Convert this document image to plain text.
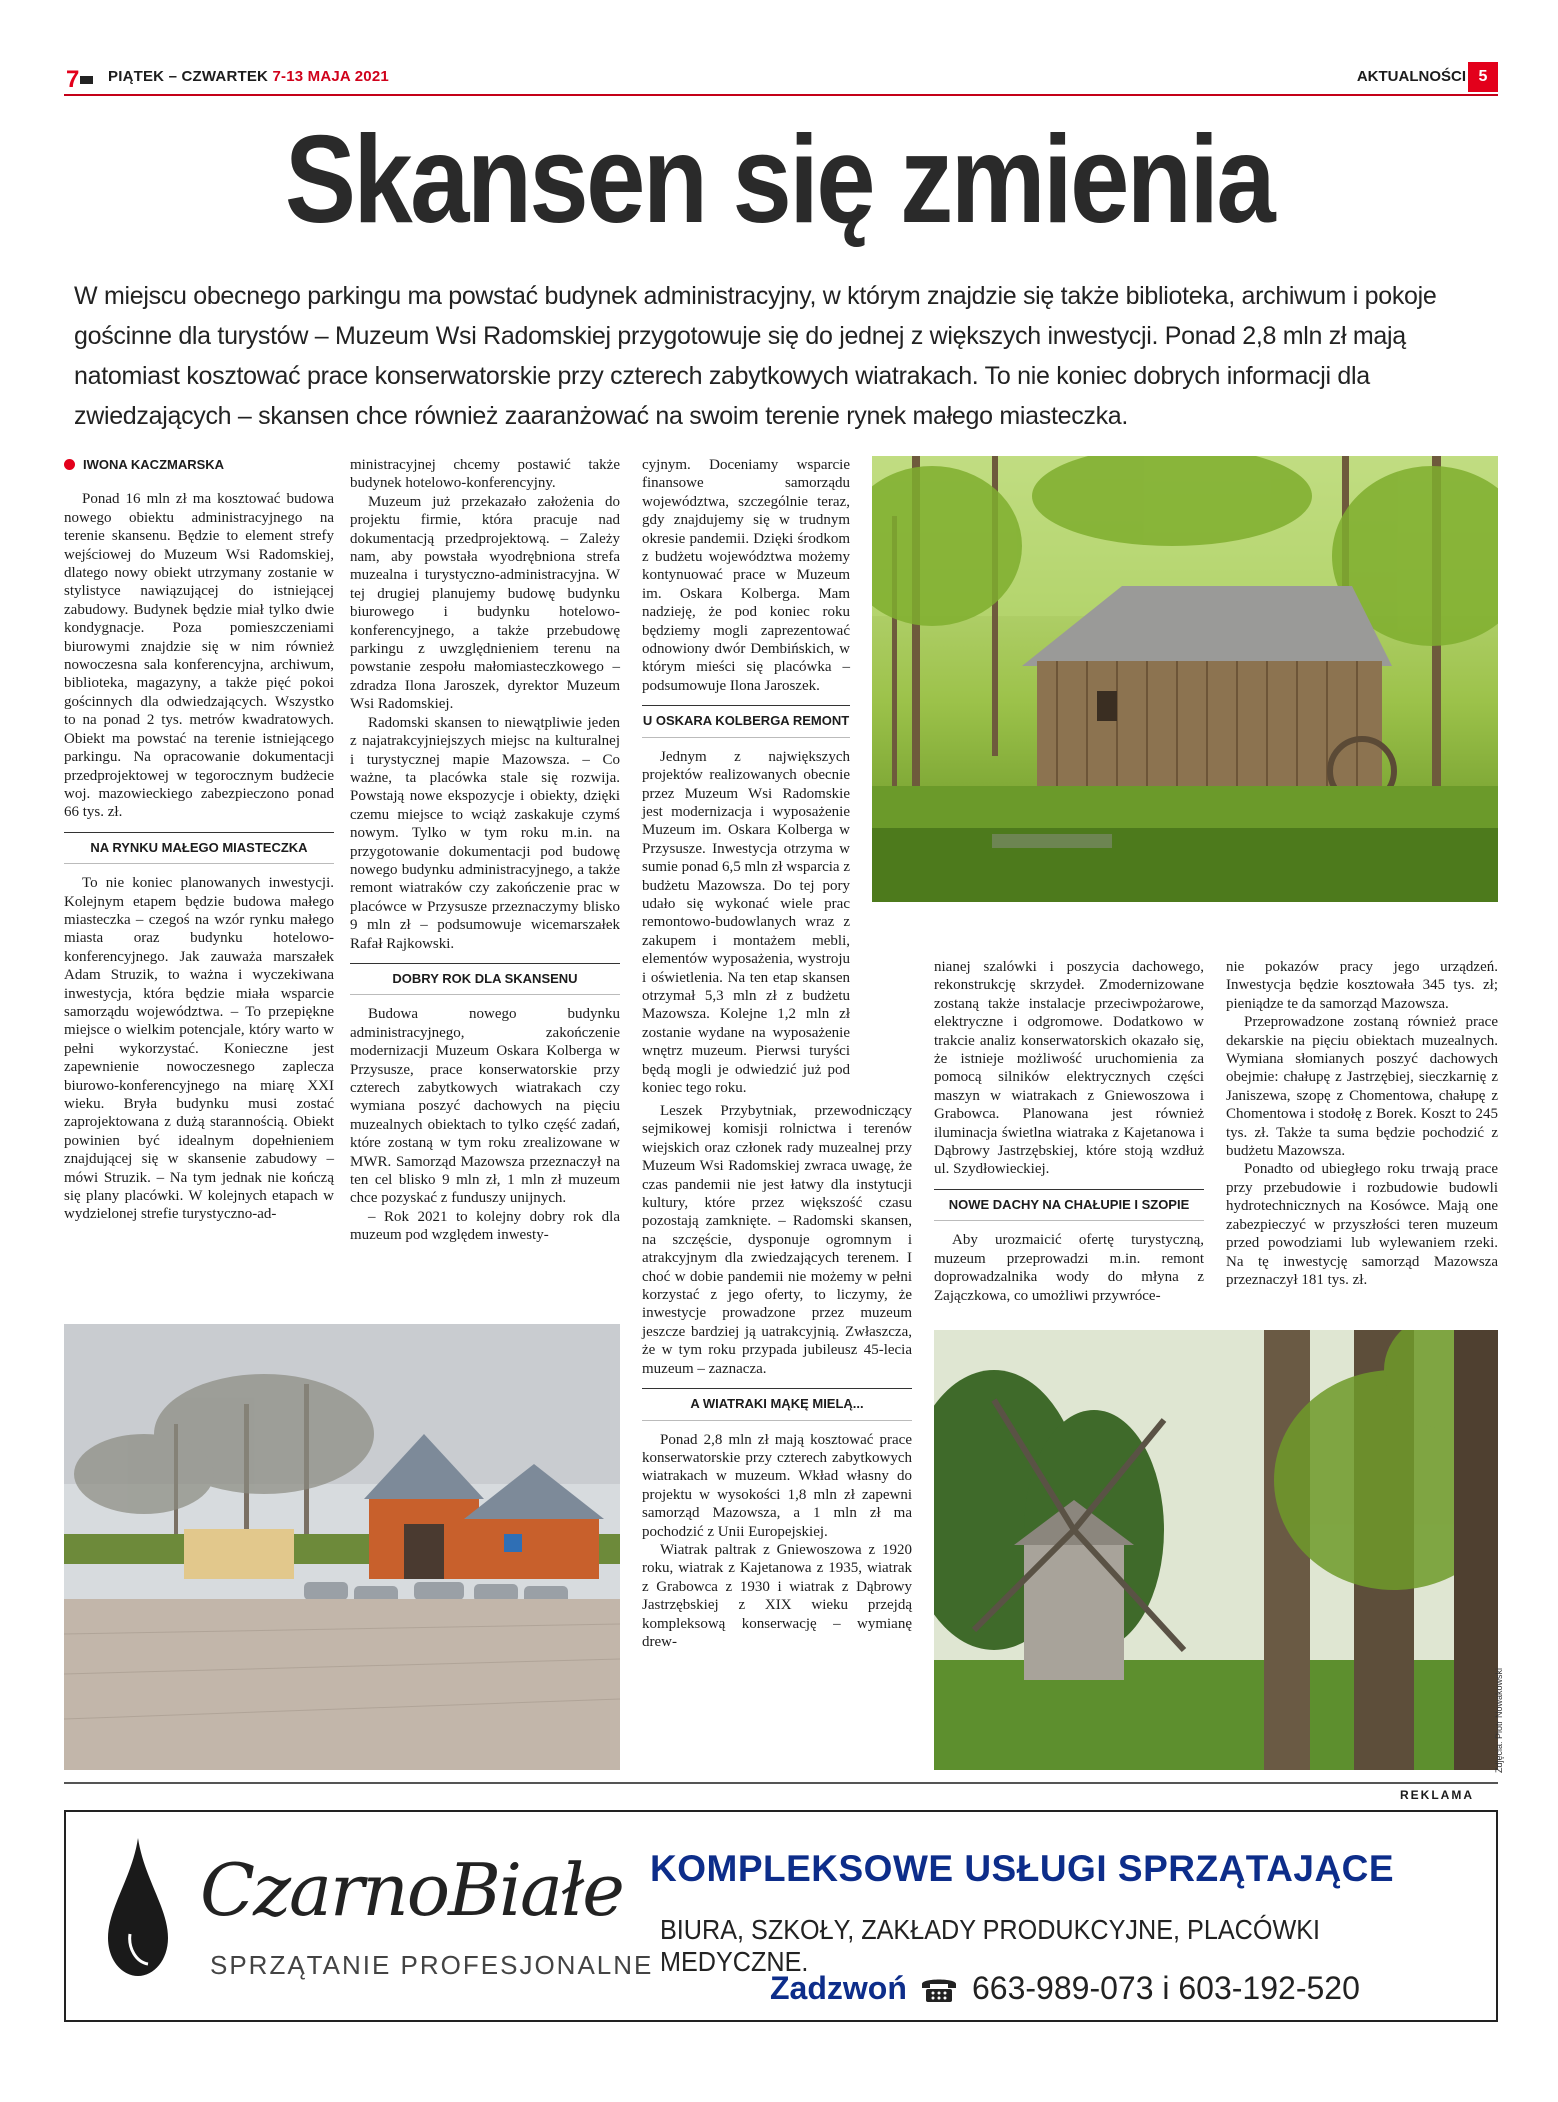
7 PIĄTEK – CZWARTEK 7-13 MAJA 2021	AKTUALNOŚCI 5
Skansen się zmienia
W miejscu obecnego parkingu ma powstać budynek administracyjny, w którym znajdzie się także biblioteka, archiwum i pokoje gościnne dla turystów – Muzeum Wsi Radomskiej przygotowuje się do jednej z większych inwestycji. Ponad 2,8 mln zł mają natomiast kosztować prace konserwatorskie przy czterech zabytkowych wiatrakach. To nie koniec dobrych informacji dla zwiedzających – skansen chce również zaaranżować na swoim terenie rynek małego miasteczka.
IWONA KACZMARSKA

Ponad 16 mln zł ma kosztować budowa nowego obiektu administracyjnego na terenie skansenu. Będzie to element strefy wejściowej do Muzeum Wsi Radomskiej, dlatego nowy obiekt utrzymany zostanie w stylistyce nawiązującej do istniejącej zabudowy. Budynek będzie miał tylko dwie kondygnacje. Poza pomieszczeniami biurowymi znajdzie się w nim również nowoczesna sala konferencyjna, archiwum, biblioteka, magazyny, a także pięć pokoi gościnnych dla odwiedzających. Wszystko to na ponad 2 tys. metrów kwadratowych. Obiekt ma powstać na terenie istniejącego parkingu. Na opracowanie dokumentacji przedprojektowej w tegorocznym budżecie woj. mazowieckiego zabezpieczono ponad 66 tys. zł.

NA RYNKU MAŁEGO MIASTECZKA

To nie koniec planowanych inwestycji. Kolejnym etapem będzie budowa małego miasteczka – czegoś na wzór rynku małego miasta oraz budynku hotelowo-konferencyjnego. Jak zauważa marszałek Adam Struzik, to ważna i wyczekiwana inwestycja, która będzie miała wsparcie samorządu województwa. – To przepiękne miejsce o wielkim potencjale, który warto w pełni wykorzystać. Konieczne jest zapewnienie nowoczesnego zaplecza biurowo-konferencyjnego na miarę XXI wieku. Bryła budynku musi zostać zaprojektowana z dużą starannością. Obiekt powinien być idealnym dopełnieniem znajdującej się w skansenie zabudowy – mówi Struzik. – Na tym jednak nie kończą się plany placówki. W kolejnych etapach w wydzielonej strefie turystyczno-ad-

ministracyjnej chcemy postawić także budynek hotelowo-konferencyjny.

Muzeum już przekazało założenia do projektu firmie, która pracuje nad dokumentacją przedprojektową. – Zależy nam, aby powstała wyodrębniona strefa muzealna i turystyczno-administracyjna. W tej drugiej planujemy budowę budynku biurowego i budynku hotelowo-konferencyjnego, a także przebudowę parkingu z uwzględnieniem terenu na powstanie zespołu małomiasteczkowego – zdradza Ilona Jaroszek, dyrektor Muzeum Wsi Radomskiej.

Radomski skansen to niewątpliwie jeden z najatrakcyjniejszych miejsc na kulturalnej i turystycznej mapie Mazowsza. – Co ważne, ta placówka stale się rozwija. Powstają nowe ekspozycje i obiekty, dzięki czemu miejsce to wciąż zaskakuje czymś nowym. Tylko w tym roku m.in. na przygotowanie dokumentacji pod budowę nowego budynku administracyjnego, a także remont wiatraków czy zakończenie prac w placówce w Przysusze przeznaczymy blisko 9 mln zł – podsumowuje wicemarszałek Rafał Rajkowski.

DOBRY ROK DLA SKANSENU

Budowa nowego budynku administracyjnego, zakończenie modernizacji Muzeum Oskara Kolberga w Przysusze, prace konserwatorskie przy czterech zabytkowych wiatrakach czy wymiana poszyć dachowych na pięciu muzealnych obiektach to tylko część zadań, które zostaną w tym roku zrealizowane w MWR. Samorząd Mazowsza przeznaczył na ten cel blisko 9 mln zł, 1 mln zł muzeum chce pozyskać z funduszy unijnych.

– Rok 2021 to kolejny dobry rok dla muzeum pod względem inwesty-

cyjnym. Doceniamy wsparcie finansowe samorządu województwa, szczególnie teraz, gdy znajdujemy się w trudnym okresie pandemii. Dzięki środkom z budżetu województwa możemy kontynuować prace w Muzeum im. Oskara Kolberga. Mam nadzieję, że pod koniec roku będziemy mogli zaprezentować odnowiony dwór Dembińskich, w którym mieści się placówka – podsumowuje Ilona Jaroszek.

U OSKARA KOLBERGA REMONT

Jednym z największych projektów realizowanych obecnie przez Muzeum Wsi Radomskie jest modernizacja i wyposażenie Muzeum im. Oskara Kolberga w Przysusze. Inwestycja otrzyma w sumie ponad 6,5 mln zł wsparcia z budżetu Mazowsza. Do tej pory udało się wykonać wiele prac remontowo-budowlanych wraz z zakupem i montażem mebli, elementów wyposażenia, wystroju i oświetlenia. Na ten etap skansen otrzymał 5,3 mln zł z budżetu Mazowsza. Kolejne 1,2 mln zł zostanie wydane na wyposażenie wnętrz muzeum. Pierwsi turyści będą mogli je odwiedzić już pod koniec tego roku.

Leszek Przybytniak, przewodniczący sejmikowej komisji rolnictwa i terenów wiejskich oraz członek rady muzealnej przy Muzeum Wsi Radomskiej zwraca uwagę, że czas pandemii nie jest łatwy dla instytucji kultury, które przez większość czasu pozostają zamknięte. – Radomski skansen, na szczęście, dysponuje ogromnym i atrakcyjnym dla zwiedzających terenem. I choć w dobie pandemii nie możemy w pełni korzystać z jego oferty, to liczymy, że inwestycje prowadzone przez muzeum jeszcze bardziej ją uatrakcyjnią. Zwłaszcza, że w tym roku przypada jubileusz 45-lecia muzeum – zaznacza.

A WIATRAKI MĄKĘ MIELĄ...

Ponad 2,8 mln zł mają kosztować prace konserwatorskie przy czterech zabytkowych wiatrakach w muzeum. Wkład własny do projektu w wysokości 1,8 mln zł zapewni samorząd Mazowsza, a 1 mln zł ma pochodzić z Unii Europejskiej.

Wiatrak paltrak z Gniewoszowa z 1920 roku, wiatrak z Kajetanowa z 1935, wiatrak z Grabowca z 1930 i wiatrak z Dąbrowy Jastrzębskiej z XIX wieku przejdą kompleksową konserwację – wymianę drew-

nianej szalówki i poszycia dachowego, rekonstrukcję skrzydeł. Zmodernizowane zostaną także instalacje przeciwpożarowe, elektryczne i odgromowe. Dodatkowo w trakcie analiz konserwatorskich okazało się, że istnieje możliwość uruchomienia za pomocą silników elektrycznych części maszyn w wiatrakach z Gniewoszowa i Grabowca. Planowana jest również iluminacja świetlna wiatraka z Kajetanowa i Dąbrowy Jastrzębskiej, które stoją wzdłuż ul. Szydłowieckiej.

NOWE DACHY NA CHAŁUPIE I SZOPIE

Aby urozmaicić ofertę turystyczną, muzeum przeprowadzi m.in. remont doprowadzalnika wody do młyna z Zajączkowa, co umożliwi przywróce-

nie pokazów pracy jego urządzeń. Inwestycja będzie kosztowała 345 tys. zł; pieniądze te da samorząd Mazowsza.

Przeprowadzone zostaną również prace dekarskie na pięciu obiektach muzealnych. Wymiana słomianych poszyć dachowych obejmie: chałupę z Jastrzębiej, sieczkarnię z Janiszewa, szopę z Chomentowa, chałupę z Chomentowa i stodołę z Borek. Koszt to 245 tys. zł. Także ta suma będzie pochodzić z budżetu Mazowsza.

Ponadto od ubiegłego roku trwają prace przy przebudowie i rozbudowie budowli hydrotechnicznych na Kosówce. Mają one zabezpieczyć w przyszłości teren muzeum przed powodziami lub wylewaniem rzeki. Na tę inwestycję samorząd Mazowsza przeznaczył 181 tys. zł.

Zdjęcia: Piotr Nowakowski
REKLAMA
CzarnoBiałe
SPRZĄTANIE PROFESJONALNE
KOMPLEKSOWE USŁUGI SPRZĄTAJĄCE
BIURA, SZKOŁY, ZAKŁADY PRODUKCYJNE, PLACÓWKI MEDYCZNE.
Zadzwoń 663-989-073 i 603-192-520
